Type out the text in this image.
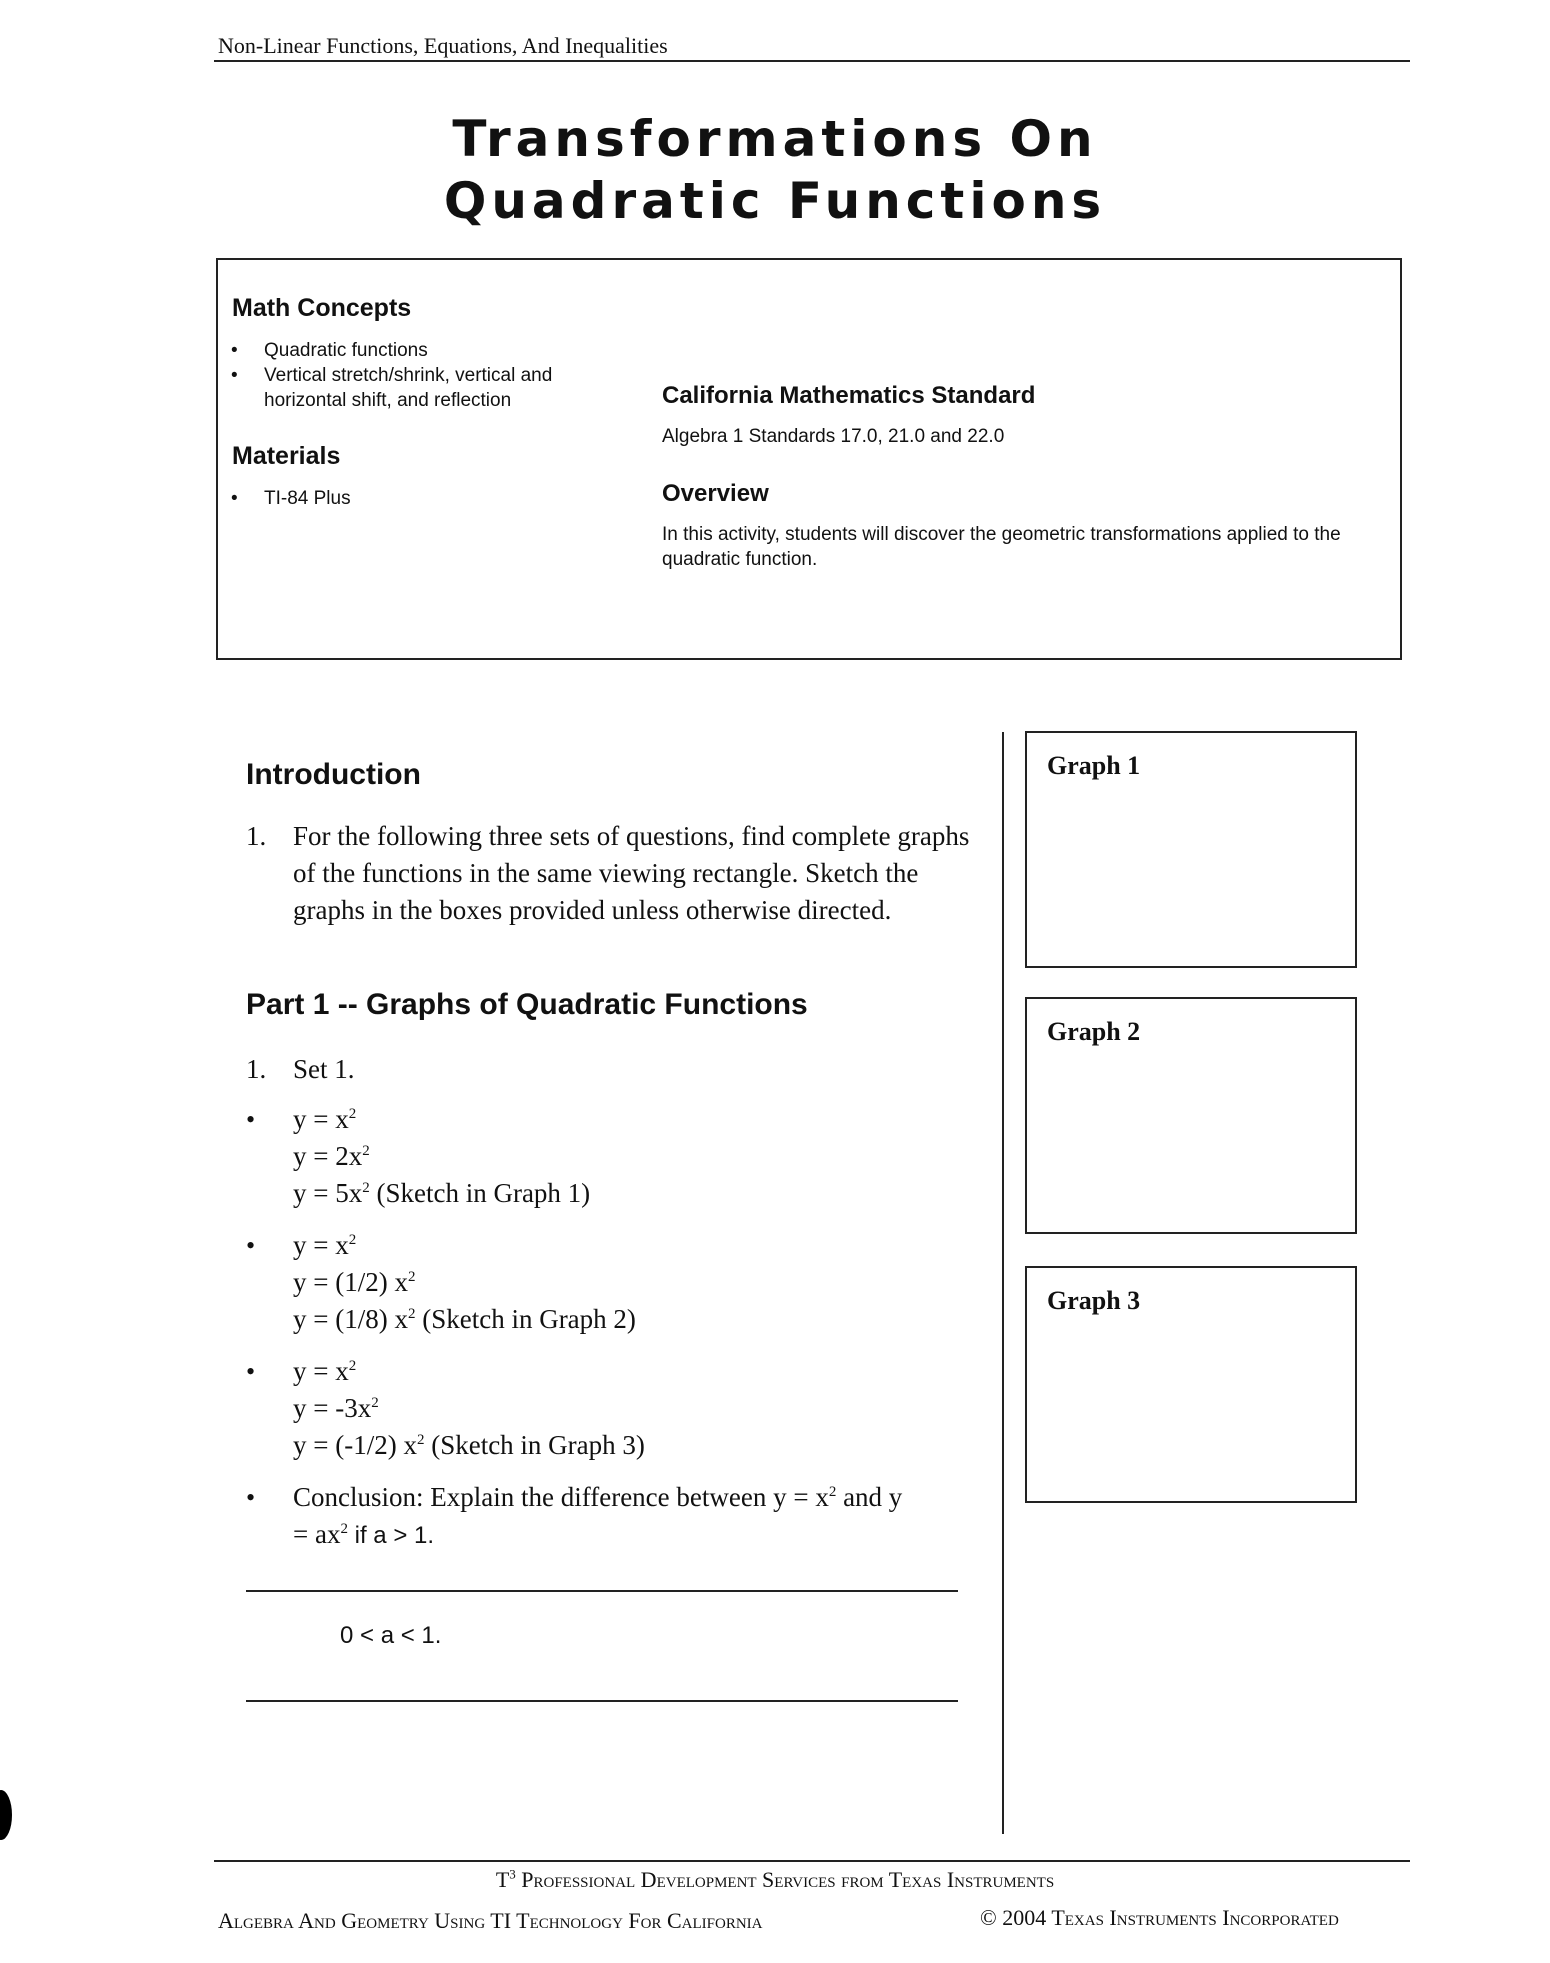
Non-Linear Functions, Equations, And Inequalities
Transformations On
Quadratic Functions
Math Concepts
• Quadratic functions
• Vertical stretch/shrink, vertical and horizontal shift, and reflection
Materials
• TI-84 Plus
California Mathematics Standard
Algebra 1 Standards 17.0, 21.0 and 22.0
Overview
In this activity, students will discover the geometric transformations applied to the quadratic function.
Introduction
1. For the following three sets of questions, find complete graphs of the functions in the same viewing rectangle. Sketch the graphs in the boxes provided unless otherwise directed.
Part 1 -- Graphs of Quadratic Functions
1. Set 1.
• $y = x^2$
$y = 2x^2$
$y = 5x^2$ (Sketch in Graph 1)
• $y = x^2$
y = (1/2) $x^2$
y = (1/8) $x^2$ (Sketch in Graph 2)
• $y = x^2$
$y = -3x^2$
y = (-1/2) $x^2$ (Sketch in Graph 3)
• Conclusion: Explain the difference between $y = x^2$ and y
= $ax^2$ if a > 1.
0 < a < 1.
Graph 1
Graph 2
Graph 3
$T^3$ Professional Development Services from Texas Instruments
Algebra And Geometry Using TI Technology For California	© 2004 Texas Instruments Incorporated
